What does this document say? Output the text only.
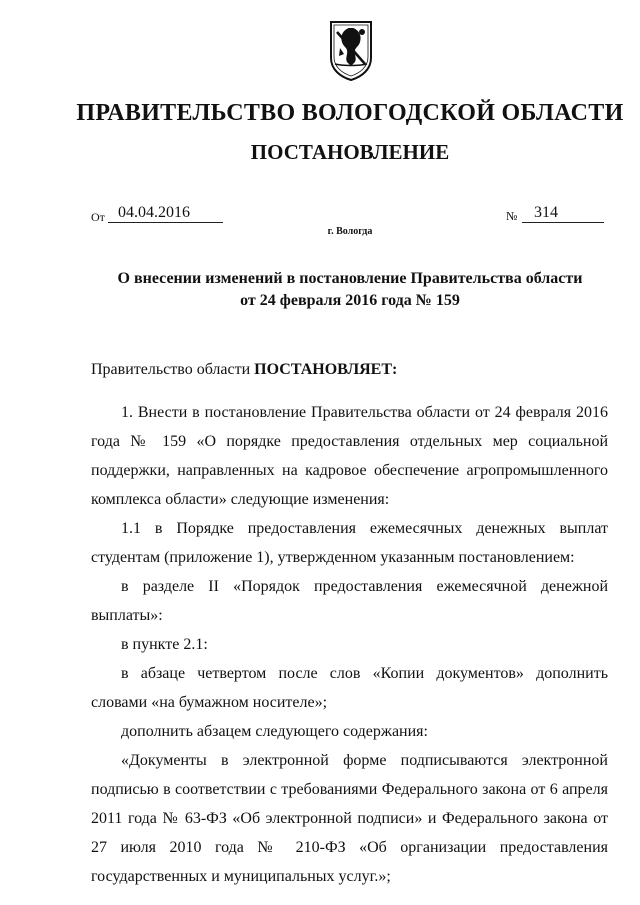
ПРАВИТЕЛЬСТВО ВОЛОГОДСКОЙ ОБЛАСТИ
ПОСТАНОВЛЕНИЕ
От 04.04.2016	№	314
г. Вологда
О внесении изменений в постановление Правительства области
от 24 февраля 2016 года № 159
Правительство области ПОСТАНОВЛЯЕТ:

1. Внести в постановление Правительства области от 24 февраля 2016 года № 159 «О порядке предоставления отдельных мер социальной поддержки, направленных на кадровое обеспечение агропромышленного комплекса области» следующие изменения:

1.1 в Порядке предоставления ежемесячных денежных выплат студентам (приложение 1), утвержденном указанным постановлением:

в разделе II «Порядок предоставления ежемесячной денежной выплаты»:

в пункте 2.1:

в абзаце четвертом после слов «Копии документов» дополнить словами «на бумажном носителе»;

дополнить абзацем следующего содержания:

«Документы в электронной форме подписываются электронной подписью в соответствии с требованиями Федерального закона от 6 апреля 2011 года № 63-ФЗ «Об электронной подписи» и Федерального закона от 27 июля 2010 года № 210-ФЗ «Об организации предоставления государственных и муниципальных услуг.»;
